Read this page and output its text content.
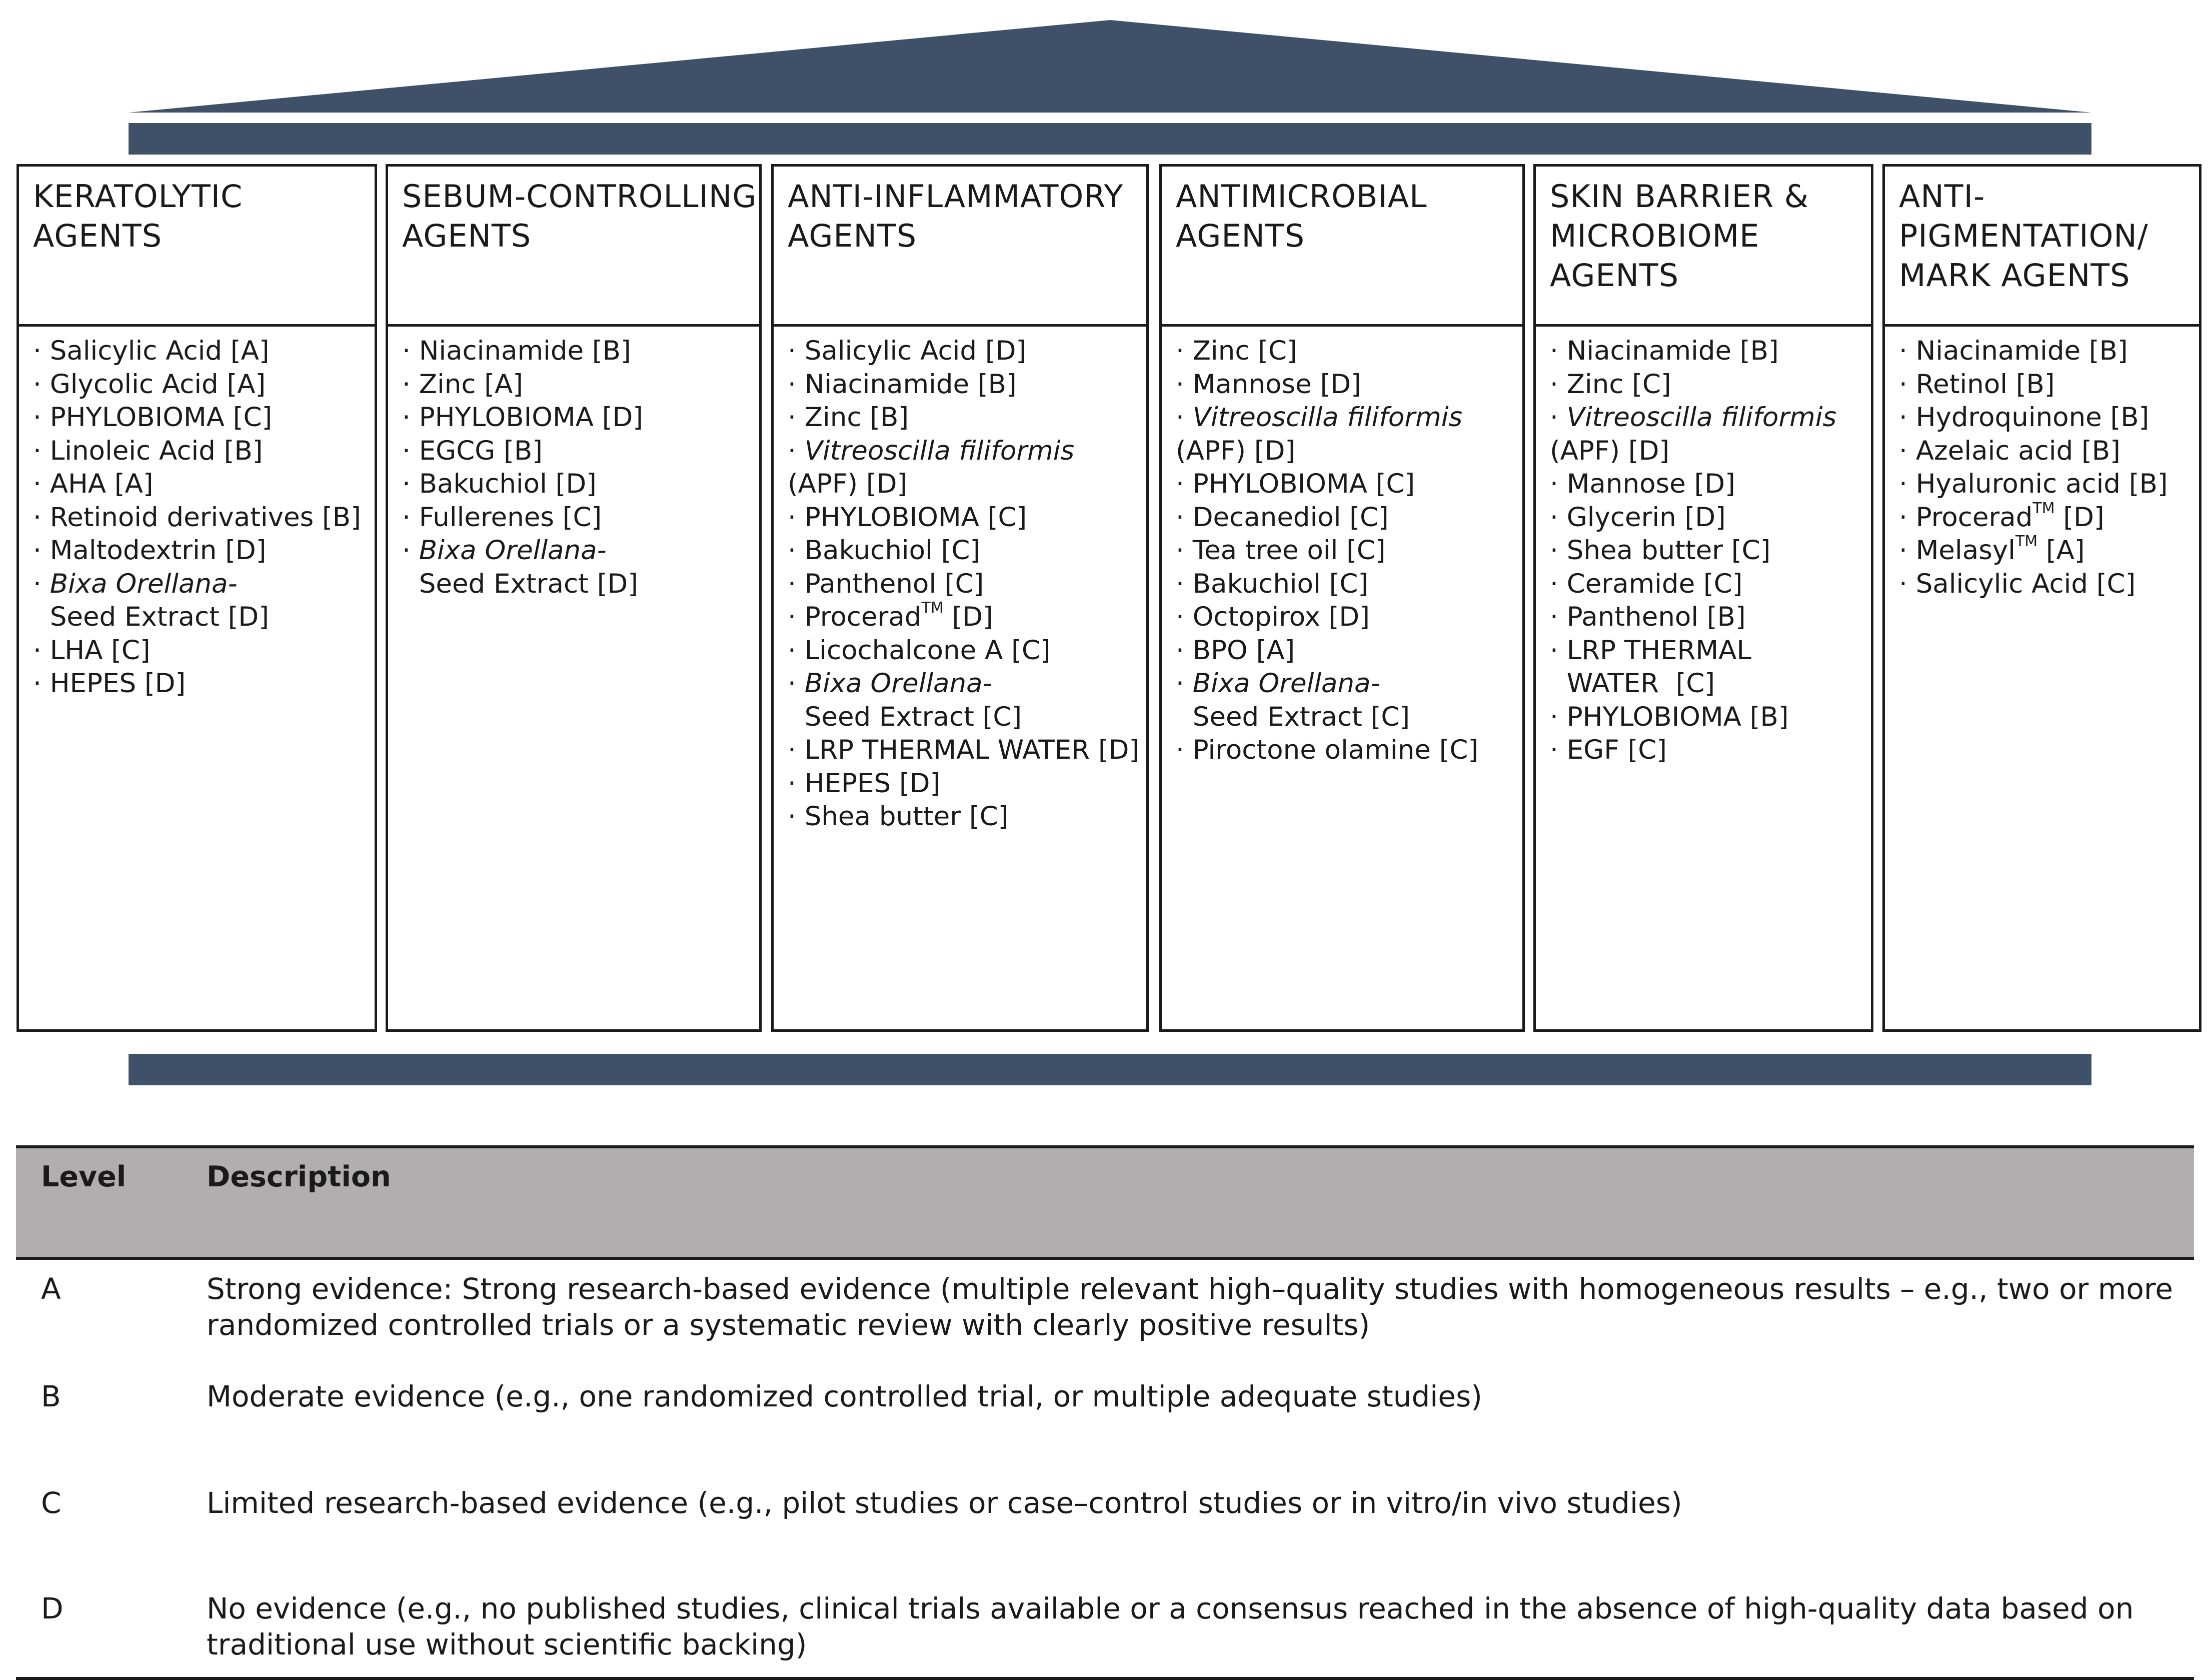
KERATOLYTIC
AGENTS
· Salicylic Acid [A]
· Glycolic Acid [A]
· PHYLOBIOMA [C]
· Linoleic Acid [B]
· AHA [A]
· Retinoid derivatives [B]
· Maltodextrin [D]
· Bixa Orellana-
Seed Extract [D]
· LHA [C]
· HEPES [D]
SEBUM-CONTROLLING
AGENTS
· Niacinamide [B]
· Zinc [A]
· PHYLOBIOMA [D]
· EGCG [B]
· Bakuchiol [D]
· Fullerenes [C]
· Bixa Orellana-
Seed Extract [D]
ANTI-INFLAMMATORY
AGENTS
· Salicylic Acid [D]
· Niacinamide [B]
· Zinc [B]
· Vitreoscilla filiformis
(APF) [D]
· PHYLOBIOMA [C]
· Bakuchiol [C]
· Panthenol [C]
· Procerad™ [D]
· Licochalcone A [C]
· Bixa Orellana-
Seed Extract [C]
· LRP THERMAL WATER [D]
· HEPES [D]
· Shea butter [C]
ANTIMICROBIAL
AGENTS
· Zinc [C]
· Mannose [D]
· Vitreoscilla filiformis
(APF) [D]
· PHYLOBIOMA [C]
· Decanediol [C]
· Tea tree oil [C]
· Bakuchiol [C]
· Octopirox [D]
· BPO [A]
· Bixa Orellana-
Seed Extract [C]
· Piroctone olamine [C]
SKIN BARRIER &
MICROBIOME
AGENTS
· Niacinamide [B]
· Zinc [C]
· Vitreoscilla filiformis
(APF) [D]
· Mannose [D]
· Glycerin [D]
· Shea butter [C]
· Ceramide [C]
· Panthenol [B]
· LRP THERMAL
WATER  [C]
· PHYLOBIOMA [B]
· EGF [C]
ANTI-
PIGMENTATION/
MARK AGENTS
· Niacinamide [B]
· Retinol [B]
· Hydroquinone [B]
· Azelaic acid [B]
· Hyaluronic acid [B]
· Procerad™ [D]
· Melasyl™ [A]
· Salicylic Acid [C]
Level	Description
A	Strong evidence: Strong research-based evidence (multiple relevant high–quality studies with homogeneous results – e.g., two or more randomized controlled trials or a systematic review with clearly positive results)
B	Moderate evidence (e.g., one randomized controlled trial, or multiple adequate studies)
C	Limited research-based evidence (e.g., pilot studies or case–control studies or in vitro/in vivo studies)
D	No evidence (e.g., no published studies, clinical trials available or a consensus reached in the absence of high-quality data based on traditional use without scientific backing)
